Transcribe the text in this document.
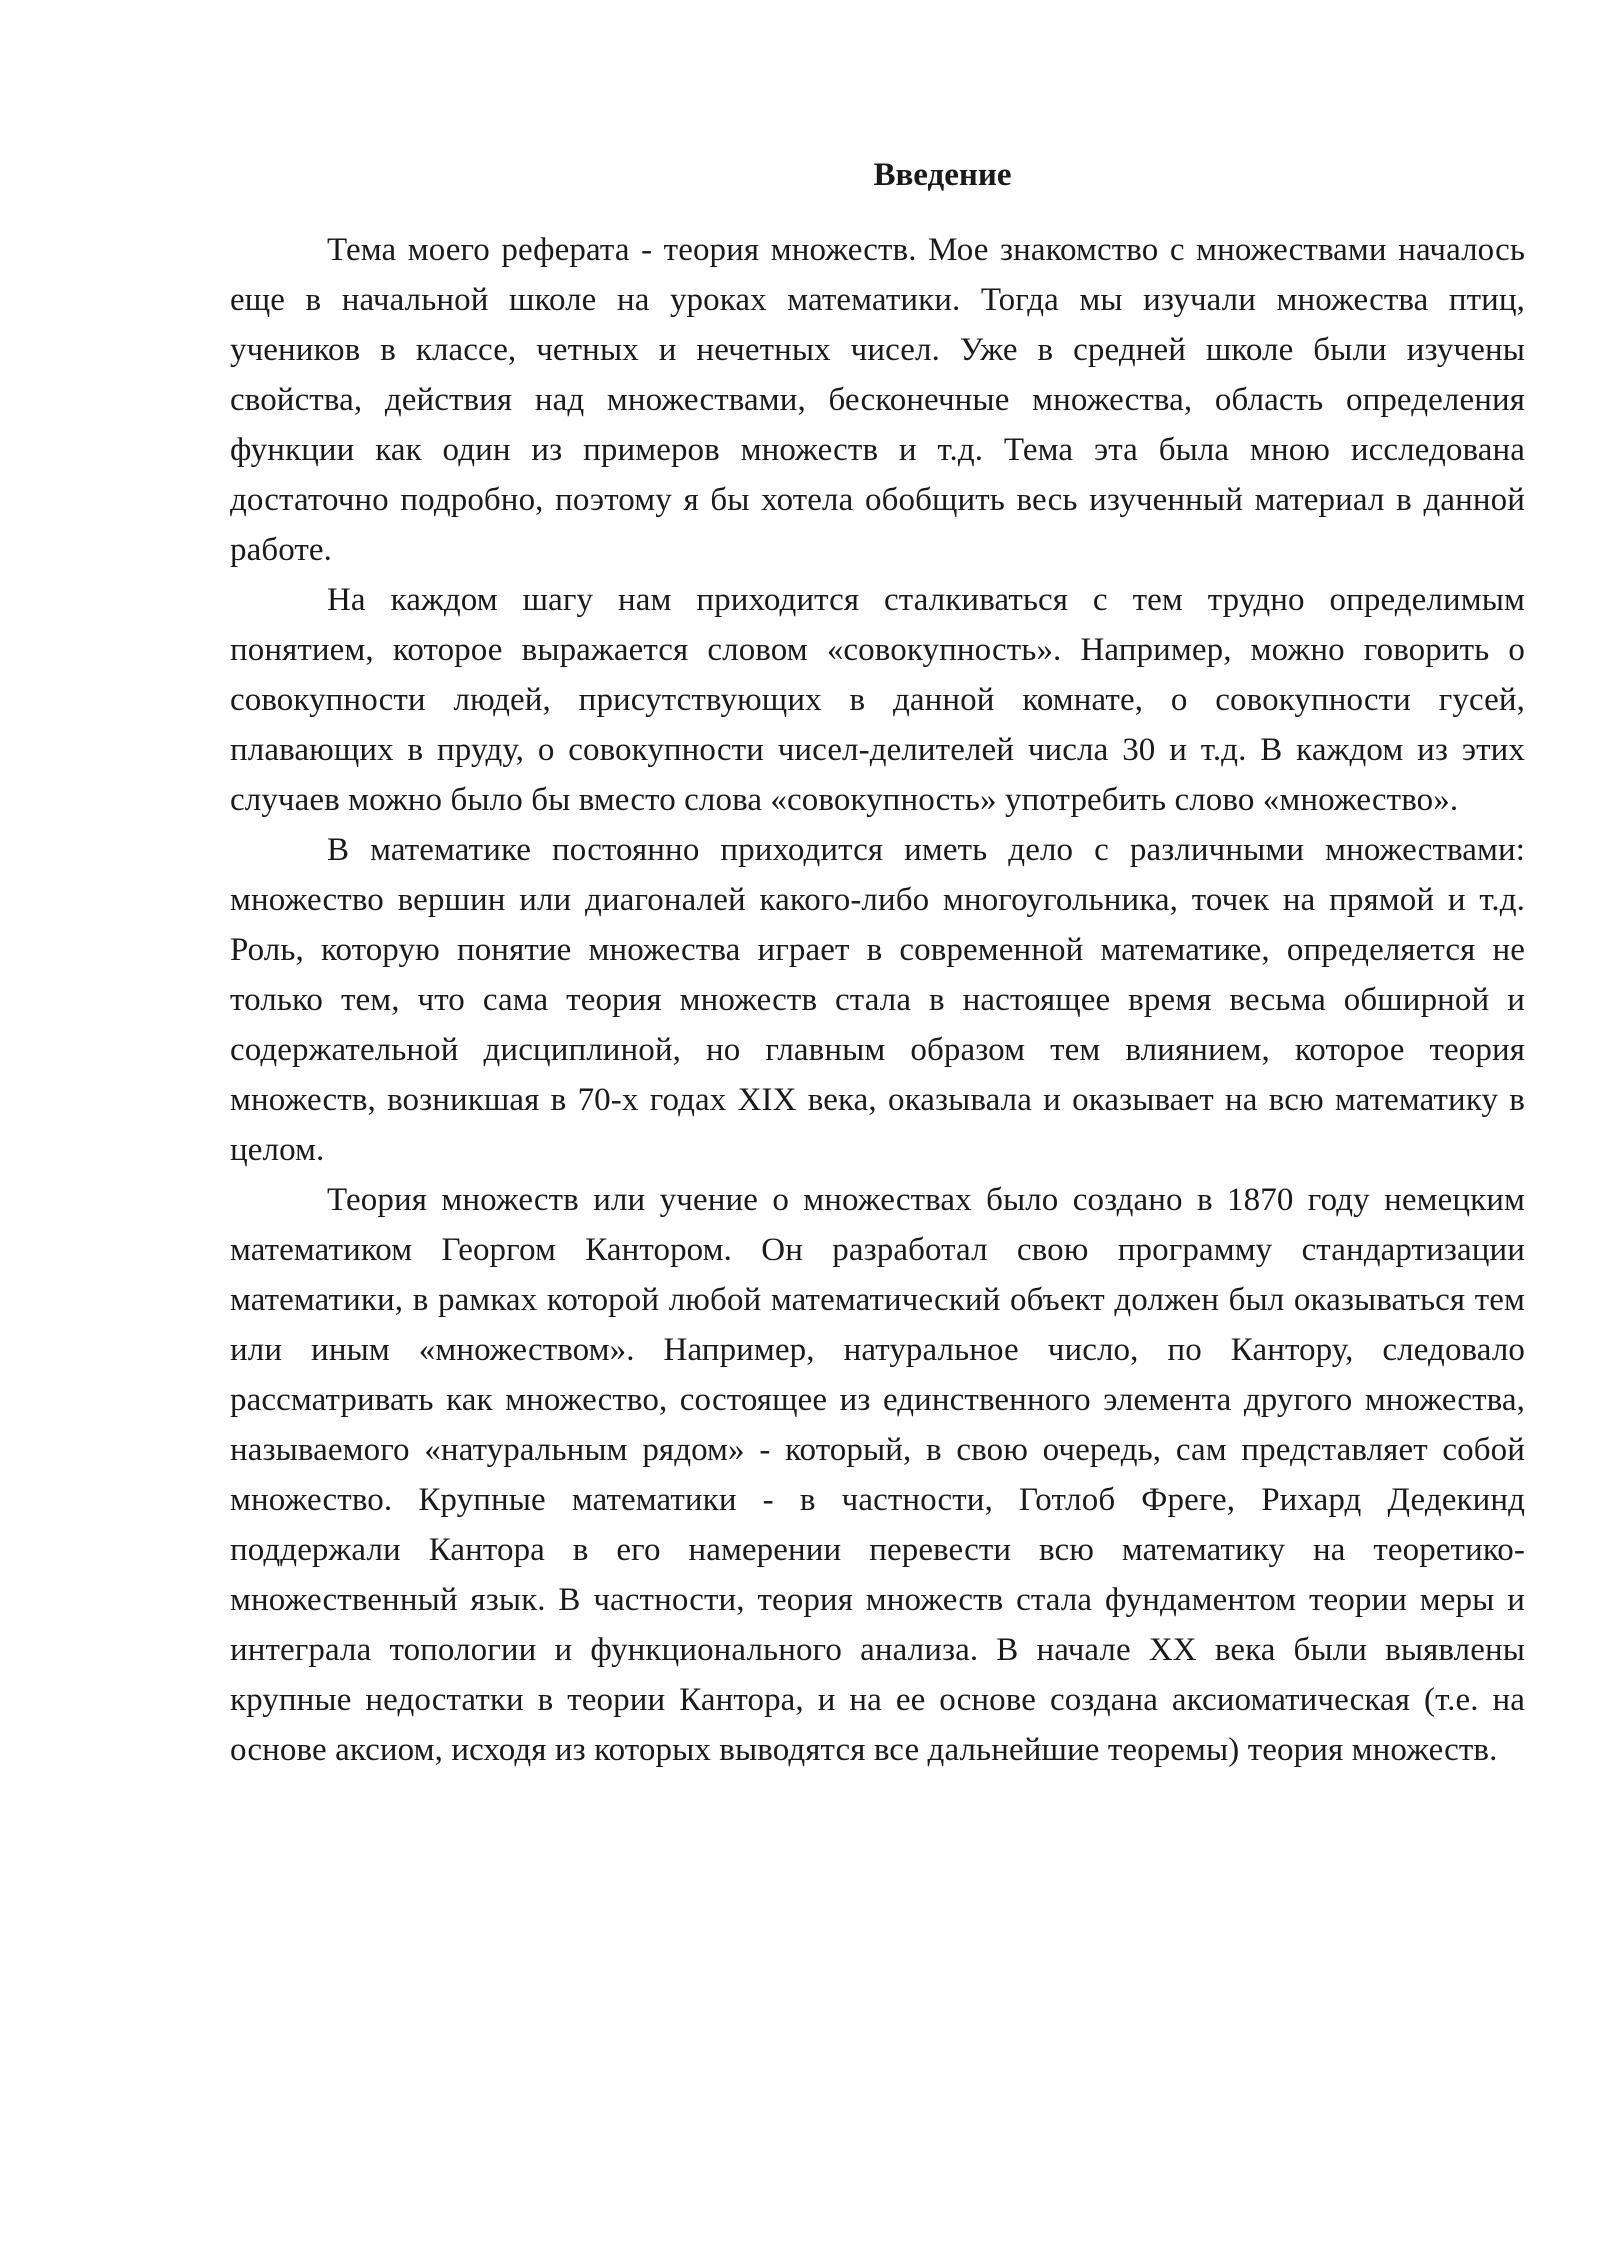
Введение

Тема моего реферата - теория множеств. Мое знакомство с множествами началось еще в начальной школе на уроках математики. Тогда мы изучали множества птиц, учеников в классе, четных и нечетных чисел. Уже в средней школе были изучены свойства, действия над множествами, бесконечные множества, область определения функции как один из примеров множеств и т.д. Тема эта была мною исследована достаточно подробно, поэтому я бы хотела обобщить весь изученный материал в данной работе.

На каждом шагу нам приходится сталкиваться с тем трудно определимым понятием, которое выражается словом «совокупность». Например, можно говорить о совокупности людей, присутствующих в данной комнате, о совокупности гусей, плавающих в пруду, о совокупности чисел-делителей числа 30 и т.д. В каждом из этих случаев можно было бы вместо слова «совокупность» употребить слово «множество».

В математике постоянно приходится иметь дело с различными множествами: множество вершин или диагоналей какого-либо многоугольника, точек на прямой и т.д. Роль, которую понятие множества играет в современной математике, определяется не только тем, что сама теория множеств стала в настоящее время весьма обширной и содержательной дисциплиной, но главным образом тем влиянием, которое теория множеств, возникшая в 70-х годах XIX века, оказывала и оказывает на всю математику в целом.

Теория множеств или учение о множествах было создано в 1870 году немецким математиком Георгом Кантором. Он разработал свою программу стандартизации математики, в рамках которой любой математический объект должен был оказываться тем или иным «множеством». Например, натуральное число, по Кантору, следовало рассматривать как множество, состоящее из единственного элемента другого множества, называемого «натуральным рядом» - который, в свою очередь, сам представляет собой множество. Крупные математики - в частности, Готлоб Фреге, Рихард Дедекинд поддержали Кантора в его намерении перевести всю математику на теоретико-множественный язык. В частности, теория множеств стала фундаментом теории меры и интеграла топологии и функционального анализа. В начале XX века были выявлены крупные недостатки в теории Кантора, и на ее основе создана аксиоматическая (т.е. на основе аксиом, исходя из которых выводятся все дальнейшие теоремы) теория множеств.
